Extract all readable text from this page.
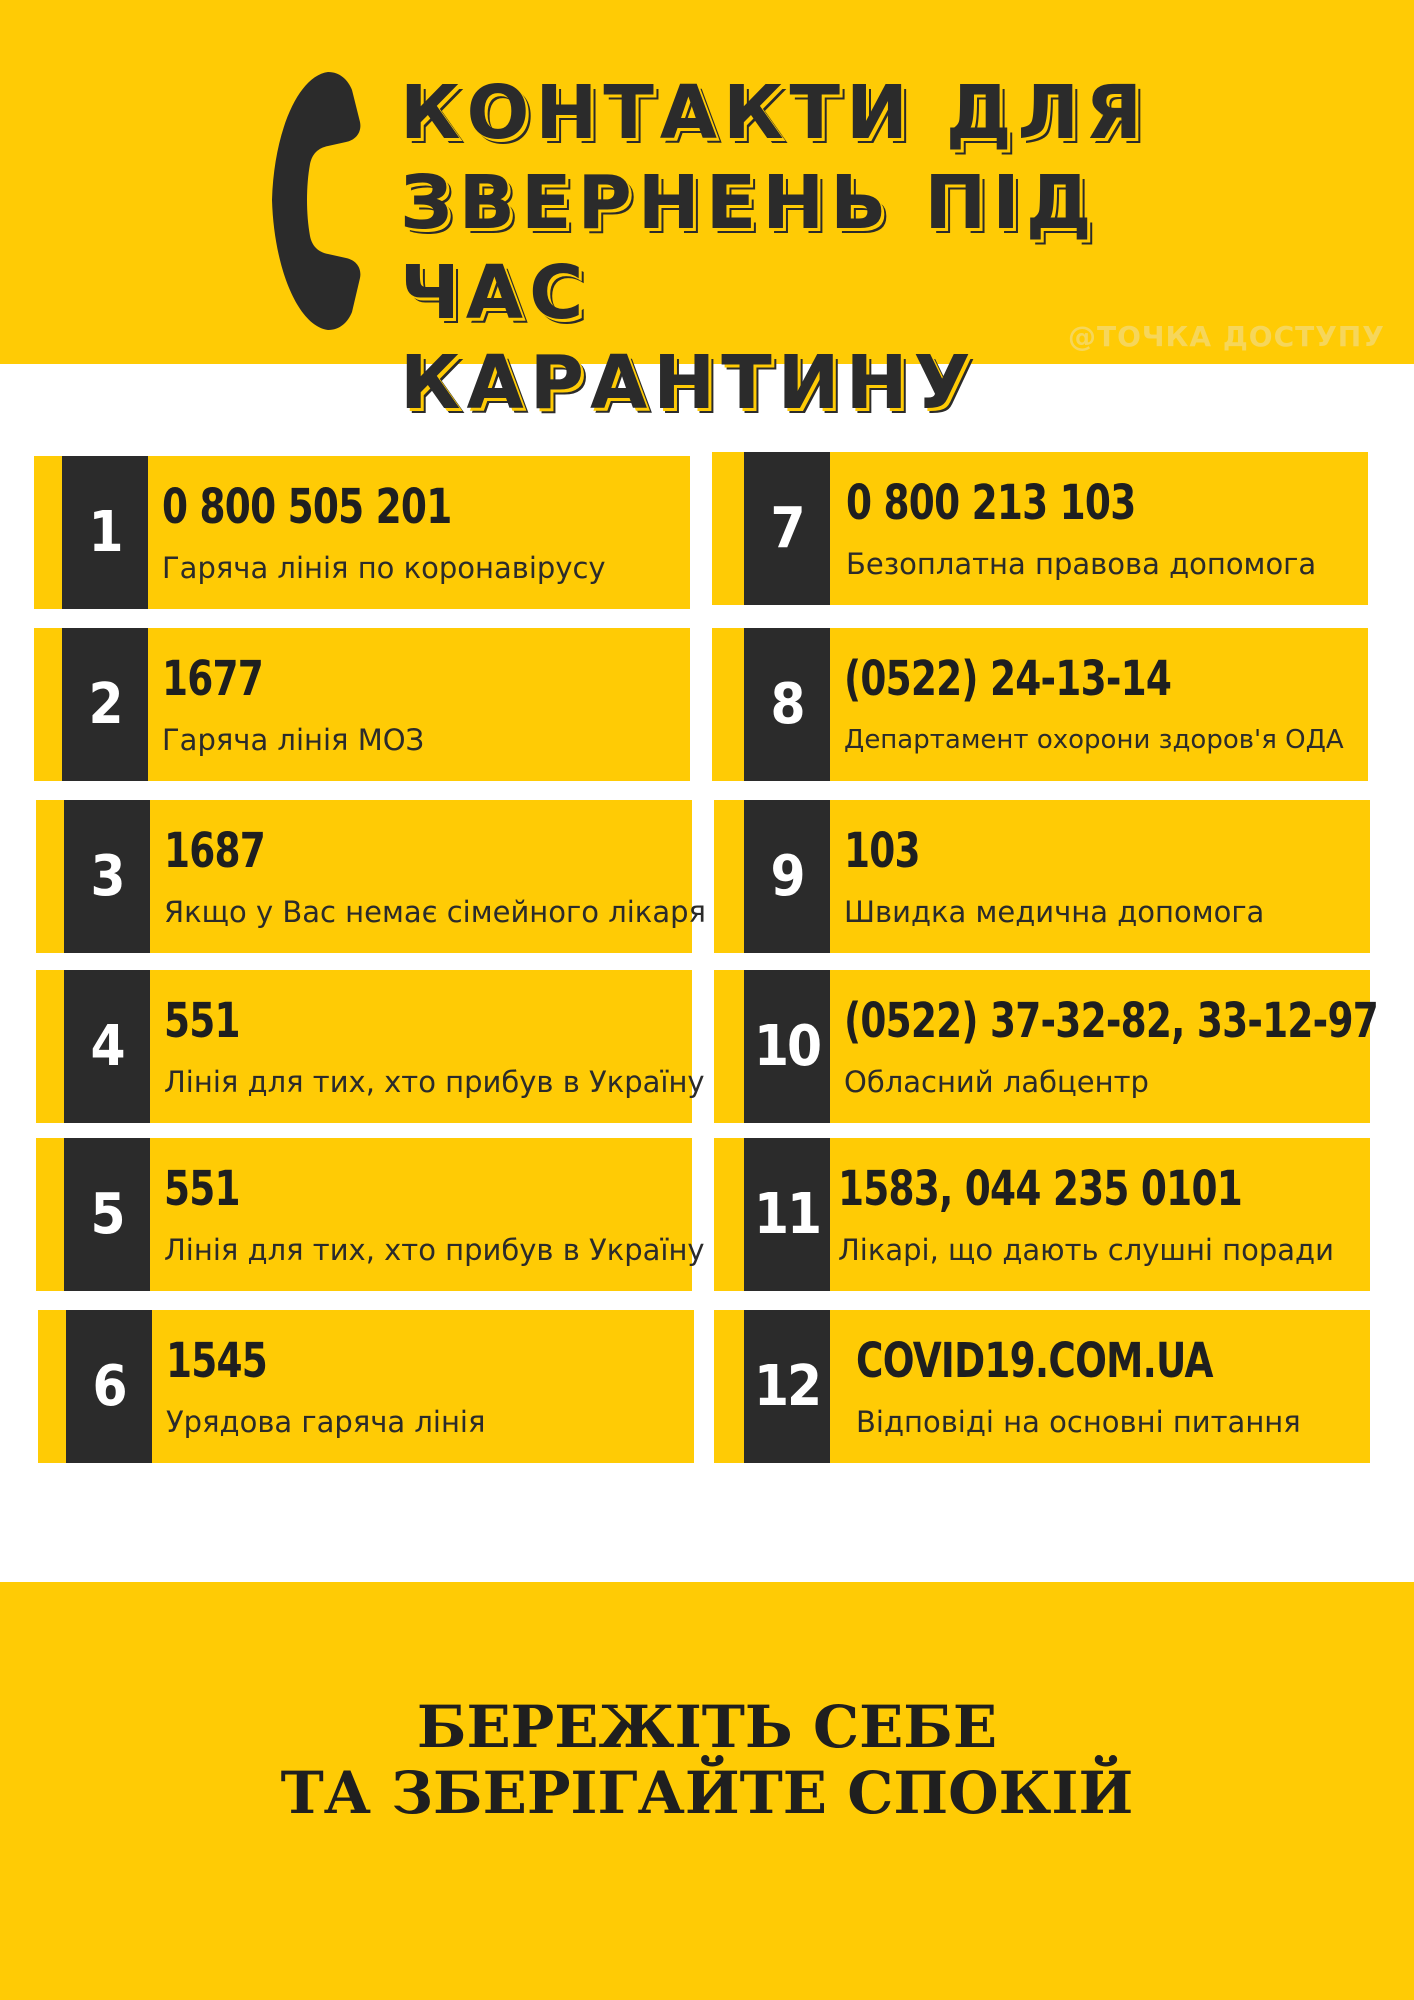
КОНТАКТИ ДЛЯ
ЗВЕРНЕНЬ ПІД ЧАС
КАРАНТИНУ
@ТОЧКА ДОСТУПУ
1 0 800 505 201
Гаряча лінія по коронавірусу
2 1677
Гаряча лінія МОЗ
3 1687
Якщо у Вас немає сімейного лікаря
4 551
Лінія для тих, хто прибув в Україну
5 551
Лінія для тих, хто прибув в Україну
6 1545
Урядова гаряча лінія
7 0 800 213 103
Безоплатна правова допомога
8 (0522) 24-13-14
Департамент охорони здоров'я ОДА
9 103
Швидка медична допомога
10 (0522) 37-32-82, 33-12-97
Обласний лабцентр
11 1583, 044 235 0101
Лікарі, що дають слушні поради
12 COVID19.COM.UA
Відповіді на основні питання
БЕРЕЖІТЬ СЕБЕ
ТА ЗБЕРІГАЙТЕ СПОКІЙ
